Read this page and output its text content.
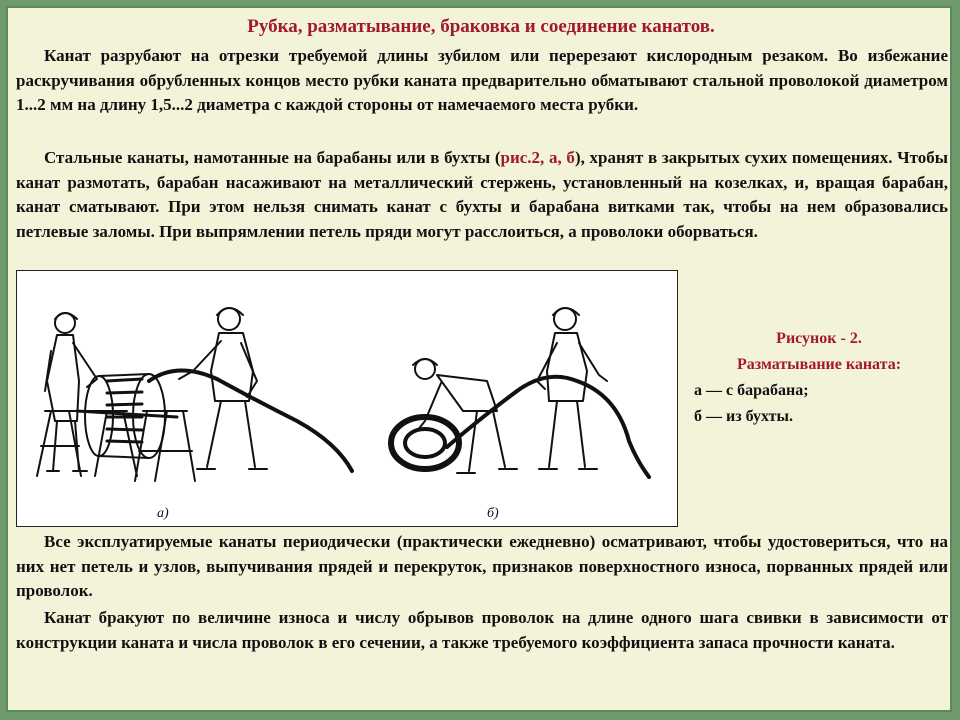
Рубка, разматывание, браковка и соединение канатов.

Канат разрубают на отрезки требуемой длины зубилом или перерезают кислородным резаком. Во избежание раскручивания обрубленных концов место рубки каната предварительно обматывают стальной проволокой диаметром 1...2 мм на длину 1,5...2 диаметра с каждой стороны от намечаемого места рубки.

Стальные канаты, намотанные на барабаны или в бухты (рис.2, а, б), хранят в закрытых сухих помещениях. Чтобы канат размотать, барабан насаживают на металлический стержень, установленный на козелках, и, вращая барабан, канат сматывают. При этом нельзя снимать канат с бухты и барабана витками так, чтобы на нем образовались петлевые заломы. При выпрямлении петель пряди могут расслоиться, а проволоки оборваться.

а)	б)
Рисунок - 2.
Разматывание каната:
а — с барабана;
б — из бухты.

Все эксплуатируемые канаты периодически (практически ежедневно) осматривают, чтобы удостовериться, что на них нет петель и узлов, выпучивания прядей и перекруток, признаков поверхностного износа, порванных прядей или проволок.

Канат бракуют по величине износа и числу обрывов проволок на длине одного шага свивки в зависимости от конструкции каната и числа проволок в его сечении, а также требуемого коэффициента запаса прочности каната.
